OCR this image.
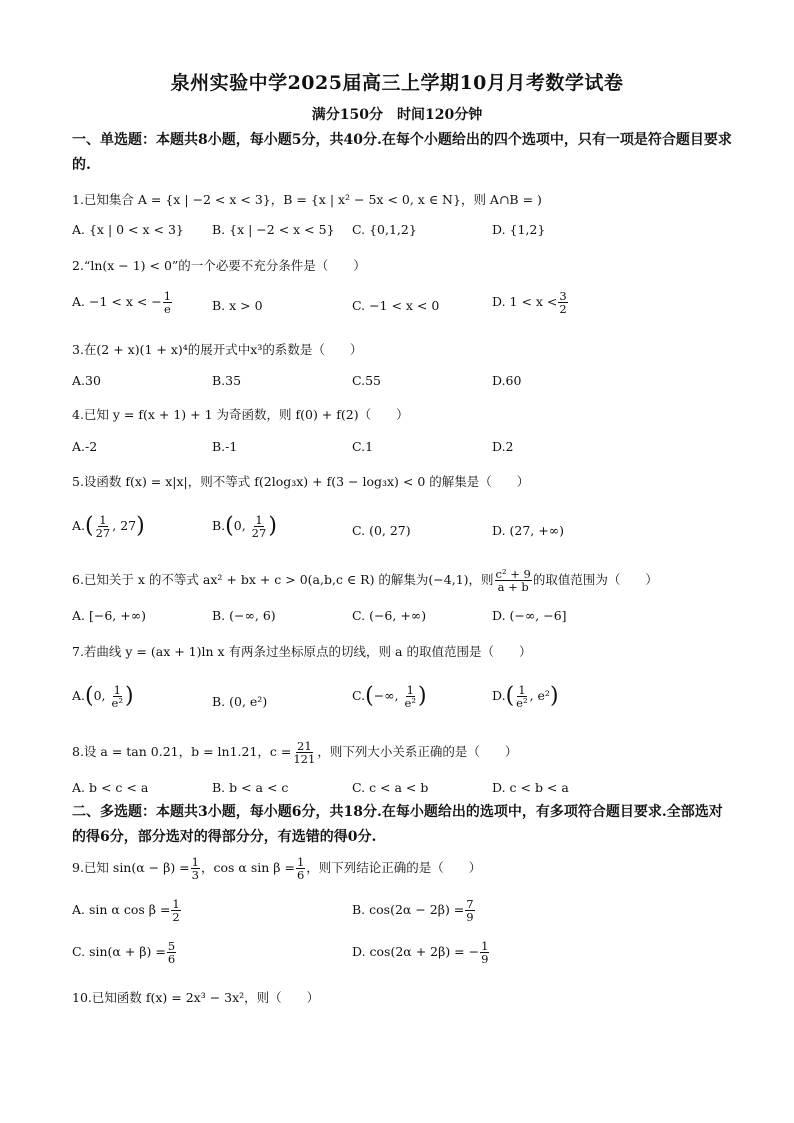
泉州实验中学2025届高三上学期10月月考数学试卷
满分150分　时间120分钟
一、单选题：本题共8小题，每小题5分，共40分.在每个小题给出的四个选项中，只有一项是符合题目要求的.
1.已知集合 A = {x | −2 < x < 3}，B = {x | x² − 5x < 0, x ∈ N}，则 A∩B = )
A. {x | 0 < x < 3} B. {x | −2 < x < 5} C. {0,1,2}	D. {1,2}
2.“ln(x − 1) < 0”的一个必要不充分条件是（　　）
A. −1 < x < − $\frac{1}{e}$	B. x > 0	C. −1 < x < 0	D. $1 < x < \frac{3}{2}$
3.在(2 + x)(1 + x)⁴的展开式中x³的系数是（　　）
A.30	B.35	C.55	D.60
4.已知 y = f(x + 1) + 1 为奇函数，则 f(0) + f(2)（　　）
A.-2	B.-1	C.1	D.2
5.设函数 f(x) = x|x|，则不等式 f(2log₃x) + f(3 − log₃x) < 0 的解集是（　　）
$A.( \frac{1}{27}$ , 27)	B.(0, $\frac{1}{27}$ )	C. (0, 27)	D. (27, +∞)
6.已知关于 x 的不等式 ax² + bx + c > 0(a,b,c ∈ R) 的解集为(−4,1)，则 $\frac{\text{c² + 9}}{a + b}$ 的取值范围为（　　）
A. [−6, +∞)	B. (−∞, 6)	C. (−6, +∞)	D. (−∞, −6]
7.若曲线 y = (ax + 1)ln x 有两条过坐标原点的切线，则 a 的取值范围是（　　）
A.(0, $\frac{1}{\text{e²}}$ )	B. (0, e²)	C.(−∞, $\frac{1}{\text{e²}}$ )	$D.( \frac{1}{\text{e²}}$ , e²)
8.设 a = tan 0.21，b = ln1.21，$c = \frac{21}{121}$ ，则下列大小关系正确的是（　　）
A. b < c < a	B. b < a < c	C. c < a < b	D. c < b < a
二、多选题：本题共3小题，每小题6分，共18分.在每小题给出的选项中，有多项符合题目要求.全部选对的得6分，部分选对的得部分分，有选错的得0分.
9.已知 $\sin(\alpha - \beta) = \frac{1}{3}$ ，cos α $\sin \beta = \frac{1}{6}$ ，则下列结论正确的是（　　）
A. sin α $\cos \beta = \frac{1}{2}$	B. $\cos(2\alpha - 2\beta) = \frac{7}{9}$
C. $\sin(\alpha + \beta) = \frac{5}{6}$	D. cos(2α + 2β) = − $\frac{1}{9}$
10.已知函数 f(x) = 2x³ − 3x²，则（　　）
